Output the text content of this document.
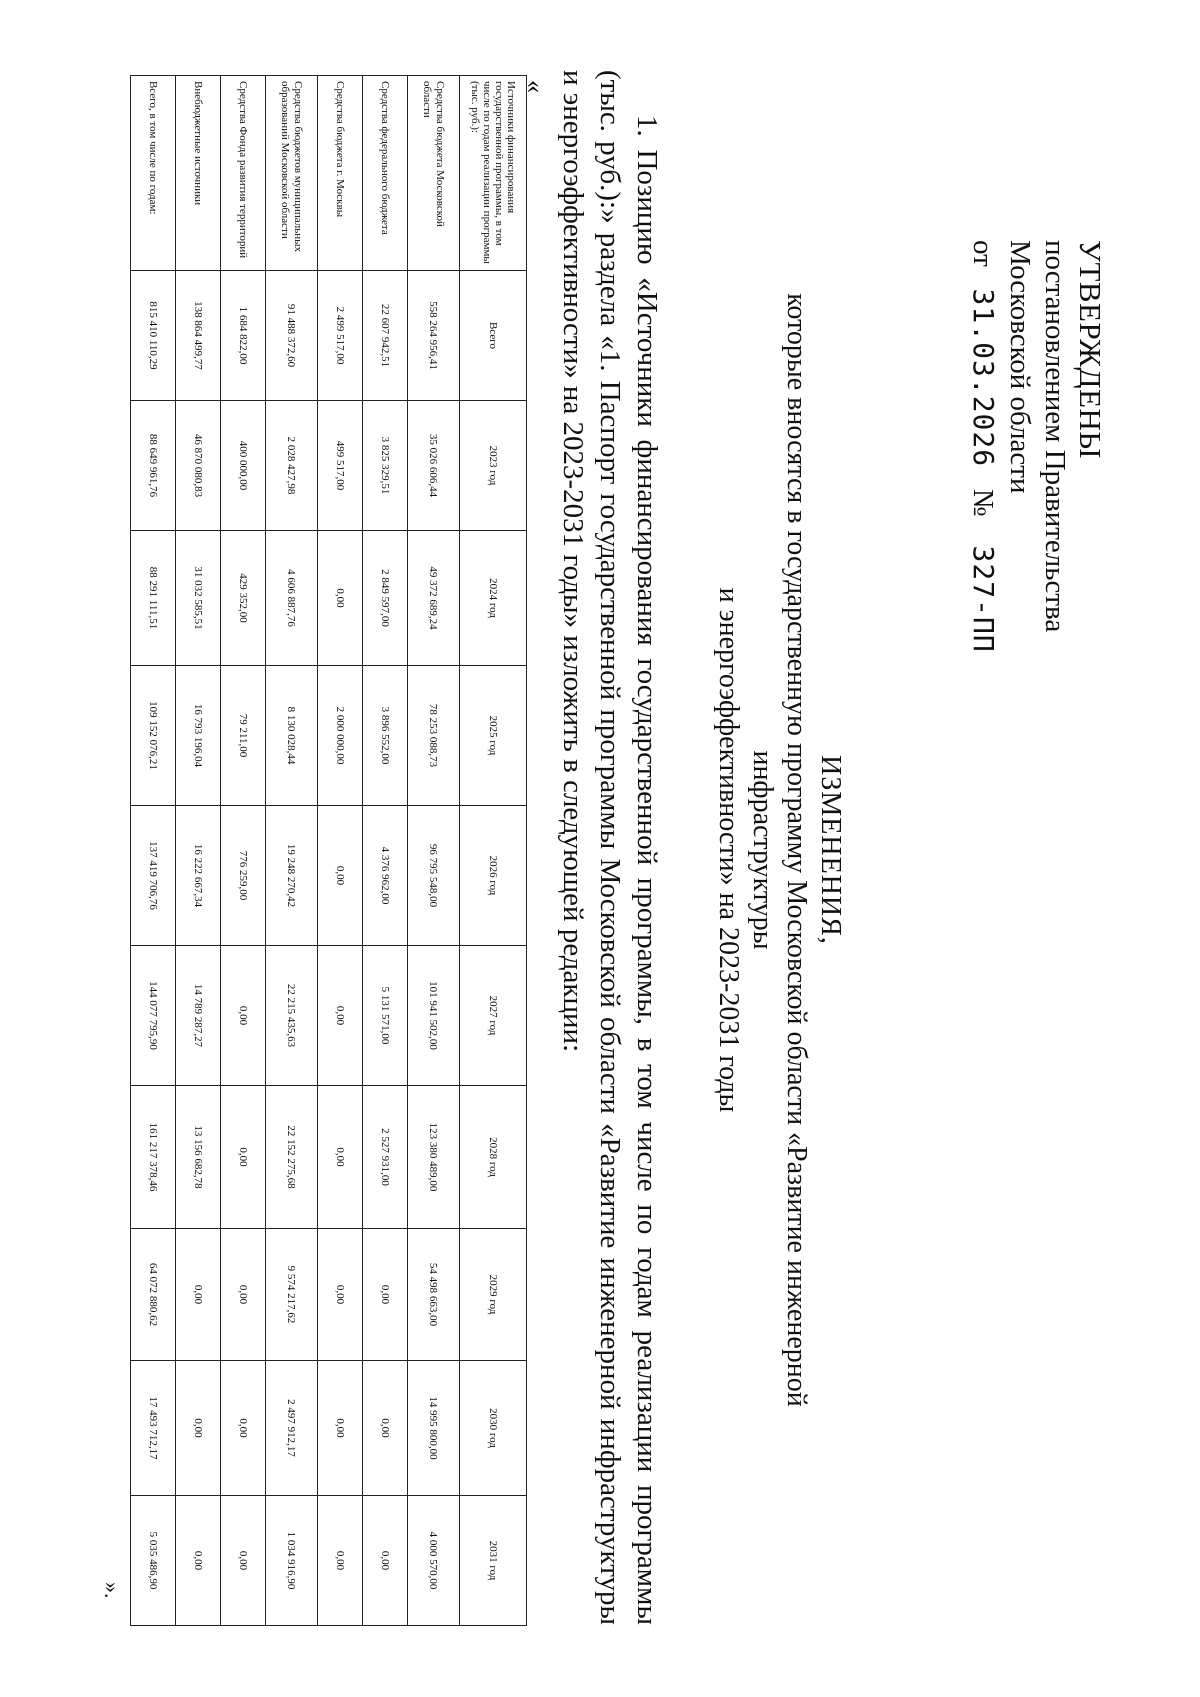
УТВЕРЖДЕНЫ
постановлением Правительства
Московской области
от   31.03.2026   №    327-ПП
ИЗМЕНЕНИЯ,
которые вносятся в государственную программу Московской области «Развитие инженерной инфраструктуры
и энергоэффективности» на 2023-2031 годы
1. Позицию «Источники финансирования государственной программы, в том числе по годам реализации программы (тыс. руб.):» раздела «1. Паспорт государственной программы Московской области «Развитие инженерной инфраструктуры и энергоэффективности» на 2023-2031 годы» изложить в следующей редакции:
«
Источники финансирования государственной программы, в том числе по годам реализации программы (тыс. руб.):	Всего	2023 год	2024 год	2025 год	2026 год	2027 год	2028 год	2029 год	2030 год	2031 год
Средства бюджета Московской области	558 264 956,41	35 026 606,44	49 372 689,24	78 253 088,73	96 795 548,00	101 941 502,00	123 380 489,00	54 498 663,00	14 995 800,00	4 000 570,00
Средства федерального бюджета	22 607 942,51	3 825 329,51	2 849 597,00	3 896 552,00	4 376 962,00	5 131 571,00	2 527 931,00	0,00	0,00	0,00
Средства бюджета г. Москвы	2 499 517,00	499 517,00	0,00	2 000 000,00	0,00	0,00	0,00	0,00	0,00	0,00
Средства бюджетов муниципальных образований Московской области	91 488 372,60	2 028 427,98	4 606 887,76	8 130 028,44	19 248 270,42	22 215 435,63	22 152 275,68	9 574 217,62	2 497 912,17	1 034 916,90
Средства Фонда развития территорий	1 684 822,00	400 000,00	429 352,00	79 211,00	776 259,00	0,00	0,00	0,00	0,00	0,00
Внебюджетные источники	138 864 499,77	46 870 080,83	31 032 585,51	16 793 196,04	16 222 667,34	14 789 287,27	13 156 682,78	0,00	0,00	0,00
Всего, в том числе по годам:	815 410 110,29	88 649 961,76	88 291 111,51	109 152 076,21	137 419 706,76	144 077 795,90	161 217 378,46	64 072 880,62	17 493 712,17	5 035 486,90
».
